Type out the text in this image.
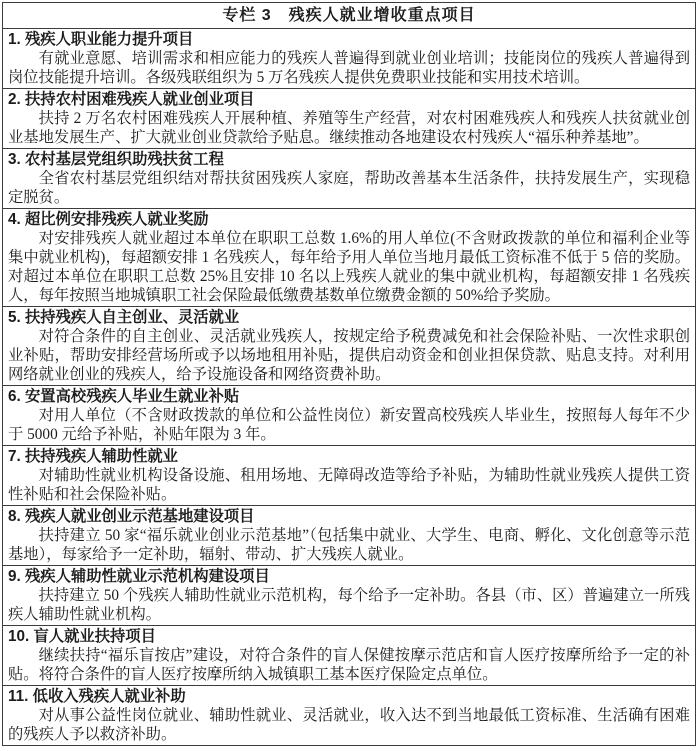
专栏 3　残疾人就业增收重点项目
1. 残疾人职业能力提升项目

有就业意愿、培训需求和相应能力的残疾人普遍得到就业创业培训；技能岗位的残疾人普遍得到岗位技能提升培训。各级残联组织为 5 万名残疾人提供免费职业技能和实用技术培训。

2. 扶持农村困难残疾人就业创业项目

扶持 2 万名农村困难残疾人开展种植、养殖等生产经营，对农村困难残疾人和残疾人扶贫就业创业基地发展生产、扩大就业创业贷款给予贴息。继续推动各地建设农村残疾人“福乐种养基地”。

3. 农村基层党组织助残扶贫工程

全省农村基层党组织结对帮扶贫困残疾人家庭，帮助改善基本生活条件，扶持发展生产，实现稳定脱贫。

4. 超比例安排残疾人就业奖励

对安排残疾人就业超过本单位在职职工总数 1.6%的用人单位(不含财政拨款的单位和福利企业等集中就业机构)，每超额安排 1 名残疾人，每年给予用人单位当地月最低工资标准不低于 5 倍的奖励。对超过本单位在职职工总数 25%且安排 10 名以上残疾人就业的集中就业机构，每超额安排 1 名残疾人，每年按照当地城镇职工社会保险最低缴费基数单位缴费金额的 50%给予奖励。

5. 扶持残疾人自主创业、灵活就业

对符合条件的自主创业、灵活就业残疾人，按规定给予税费减免和社会保险补贴、一次性求职创业补贴，帮助安排经营场所或予以场地租用补贴，提供启动资金和创业担保贷款、贴息支持。对利用网络就业创业的残疾人，给予设施设备和网络资费补助。

6. 安置高校残疾人毕业生就业补贴

对用人单位（不含财政拨款的单位和公益性岗位）新安置高校残疾人毕业生，按照每人每年不少于 5000 元给予补贴，补贴年限为 3 年。

7. 扶持残疾人辅助性就业

对辅助性就业机构设备设施、租用场地、无障碍改造等给予补贴，为辅助性就业残疾人提供工资性补贴和社会保险补贴。

8. 残疾人就业创业示范基地建设项目

扶持建立 50 家“福乐就业创业示范基地”（包括集中就业、大学生、电商、孵化、文化创意等示范基地），每家给予一定补助，辐射、带动、扩大残疾人就业。

9. 残疾人辅助性就业示范机构建设项目

扶持建立 50 个残疾人辅助性就业示范机构，每个给予一定补助。各县（市、区）普遍建立一所残疾人辅助性就业机构。

10. 盲人就业扶持项目

继续扶持“福乐盲按店”建设，对符合条件的盲人保健按摩示范店和盲人医疗按摩所给予一定的补贴。将符合条件的盲人医疗按摩所纳入城镇职工基本医疗保险定点单位。

11. 低收入残疾人就业补助

对从事公益性岗位就业、辅助性就业、灵活就业，收入达不到当地最低工资标准、生活确有困难的残疾人予以救济补助。
